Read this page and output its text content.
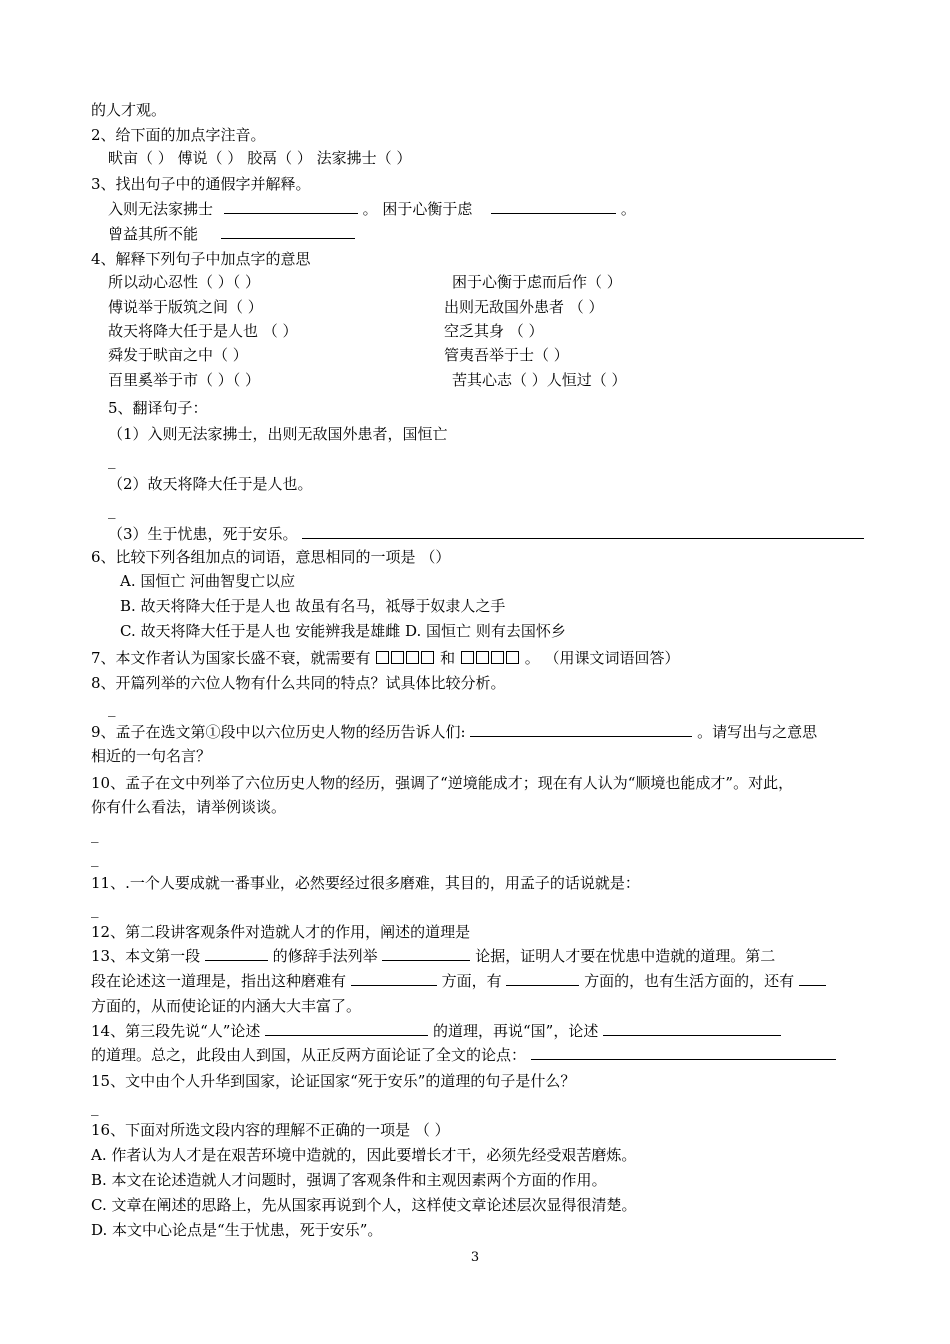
的人才观。
2、给下面的加点字注音。
畎亩（ ） 傅说（ ） 胶鬲（ ） 法家拂士（ ）
3、找出句子中的通假字并解释。
入则无法家拂士	。 困于心衡于虑	。
曾益其所不能
4、解释下列句子中加点字的意思
所以动心忍性（ ）（ ）	困于心衡于虑而后作（ ）
傅说举于版筑之间（ ）	出则无敌国外患者 （ ）
故天将降大任于是人也 （ ）	空乏其身 （ ）
舜发于畎亩之中（ ）	管夷吾举于士（ ）
百里奚举于市（ ）（ ）	苦其心志（ ）人恒过（ ）
5、翻译句子：
（1）入则无法家拂士，出则无敌国外患者，国恒亡
_
（2）故天将降大任于是人也。
_
（3）生于忧患，死于安乐。
6、比较下列各组加点的词语，意思相同的一项是 （）
A. 国恒亡 河曲智叟亡以应
B. 故天将降大任于是人也 故虽有名马，祗辱于奴隶人之手
C. 故天将降大任于是人也 安能辨我是雄雌 D. 国恒亡 则有去国怀乡
7、本文作者认为国家长盛不衰，就需要有	和	。 （用课文词语回答）
8、开篇列举的六位人物有什么共同的特点？试具体比较分析。
_
9、孟子在选文第①段中以六位历史人物的经历告诉人们:	。请写出与之意思
相近的一句名言？
10、孟子在文中列举了六位历史人物的经历，强调了“逆境能成才；现在有人认为“顺境也能成才”。对此，
你有什么看法，请举例谈谈。
_
_
11、.一个人要成就一番事业，必然要经过很多磨难，其目的，用孟子的话说就是：
_
12、第二段讲客观条件对造就人才的作用，阐述的道理是
13、本文第一段	的修辞手法列举	论据，证明人才要在忧患中造就的道理。第二
段在论述这一道理是，指出这种磨难有	方面，有	方面的，也有生活方面的，还有
方面的，从而使论证的内涵大大丰富了。
14、第三段先说“人”论述	的道理，再说“国”，论述
的道理。总之，此段由人到国，从正反两方面论证了全文的论点：
15、文中由个人升华到国家，论证国家“死于安乐”的道理的句子是什么？
_
16、下面对所选文段内容的理解不正确的一项是 （ ）
A. 作者认为人才是在艰苦环境中造就的，因此要增长才干，必须先经受艰苦磨炼。
B. 本文在论述造就人才问题时，强调了客观条件和主观因素两个方面的作用。
C. 文章在阐述的思路上，先从国家再说到个人，这样使文章论述层次显得很清楚。
D. 本文中心论点是“生于忧患，死于安乐”。
3
